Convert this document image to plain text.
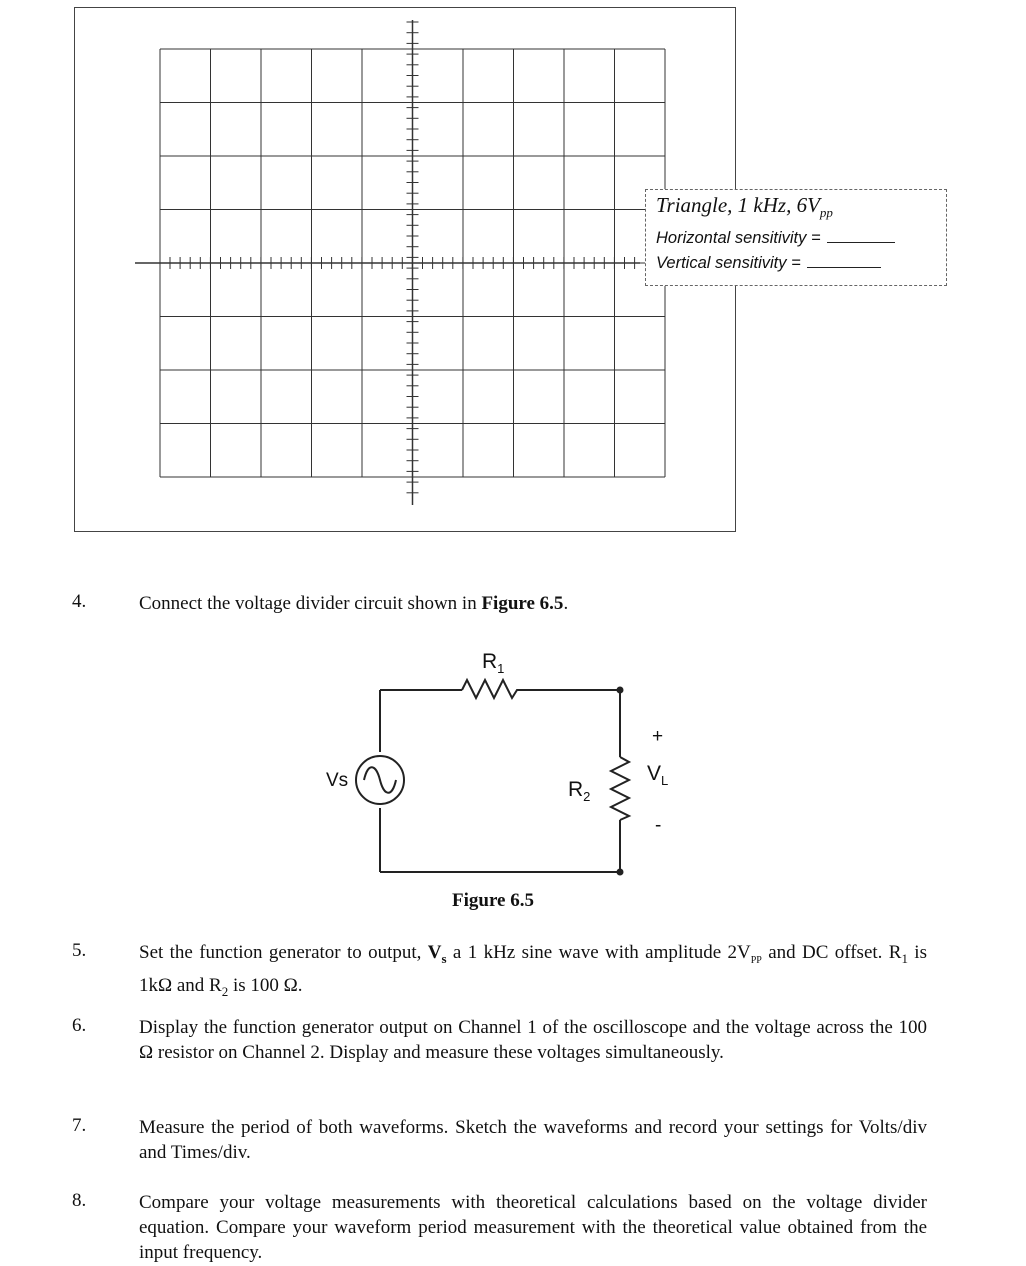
Triangle, 1 kHz, $6V_{pp}$
Horizontal sensitivity =
Vertical sensitivity =
4.	Connect the voltage divider circuit shown in Figure 6.5.
$R_1$
$R_2$
Vs
+
$V_L$
-
Figure 6.5
5.	Set the function generator to output, $V_s$ a 1 kHz sine wave with amplitude $2V_{PP}$ and DC offset. $R_1$ is 1kΩ and $R_2$ is 100 Ω.
6.	Display the function generator output on Channel 1 of the oscilloscope and the voltage across the 100 Ω resistor on Channel 2. Display and measure these voltages simultaneously.
7.	Measure the period of both waveforms. Sketch the waveforms and record your settings for Volts/div and Times/div.
8.	Compare your voltage measurements with theoretical calculations based on the voltage divider equation. Compare your waveform period measurement with the theoretical value obtained from the input frequency.
